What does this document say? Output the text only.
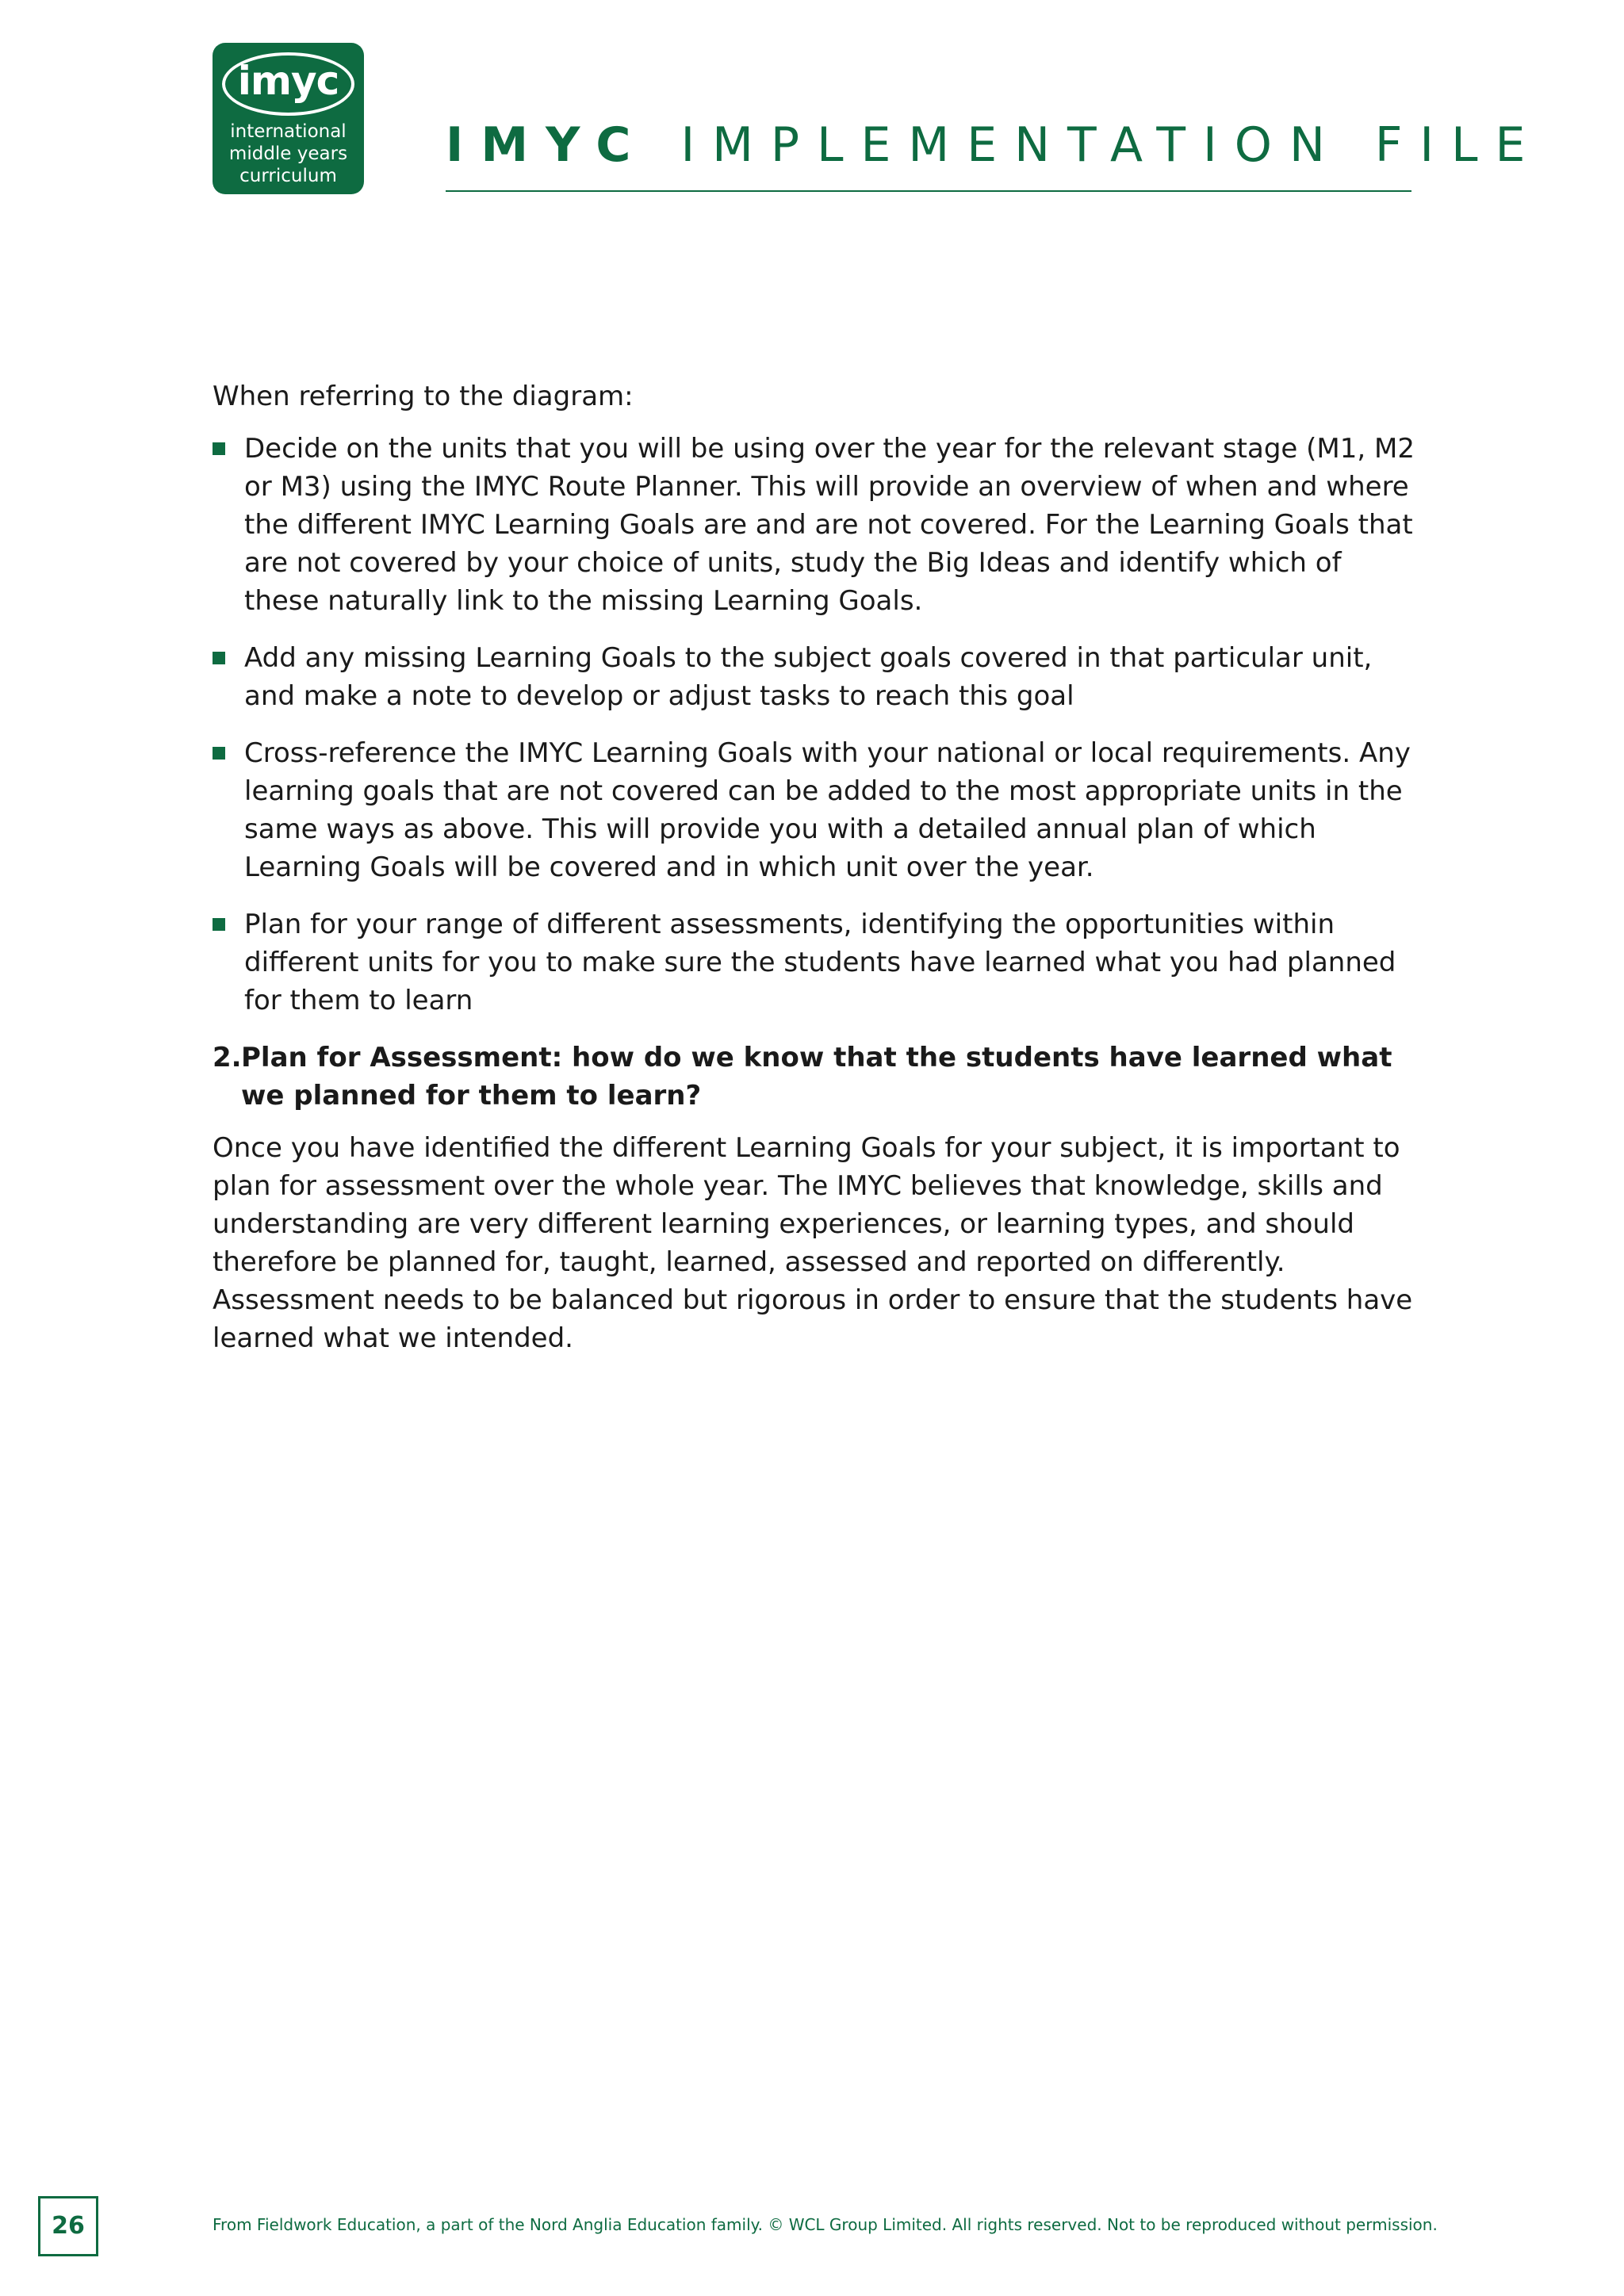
imyc
international
middle years
curriculum
IMYC IMPLEMENTATION FILE

When referring to the diagram:

Decide on the units that you will be using over the year for the relevant stage (M1, M2 or M3) using the IMYC Route Planner. This will provide an overview of when and where the different IMYC Learning Goals are and are not covered. For the Learning Goals that are not covered by your choice of units, study the Big Ideas and identify which of these naturally link to the missing Learning Goals.
Add any missing Learning Goals to the subject goals covered in that particular unit, and make a note to develop or adjust tasks to reach this goal
Cross-reference the IMYC Learning Goals with your national or local requirements. Any learning goals that are not covered can be added to the most appropriate units in the same ways as above. This will provide you with a detailed annual plan of which Learning Goals will be covered and in which unit over the year.
Plan for your range of different assessments, identifying the opportunities within different units for you to make sure the students have learned what you had planned for them to learn

2. Plan for Assessment: how do we know that the students have learned what we planned for them to learn?

Once you have identified the different Learning Goals for your subject, it is important to plan for assessment over the whole year. The IMYC believes that knowledge, skills and understanding are very different learning experiences, or learning types, and should therefore be planned for, taught, learned, assessed and reported on differently. Assessment needs to be balanced but rigorous in order to ensure that the students have learned what we intended.

26	From Fieldwork Education, a part of the Nord Anglia Education family. © WCL Group Limited. All rights reserved. Not to be reproduced without permission.
